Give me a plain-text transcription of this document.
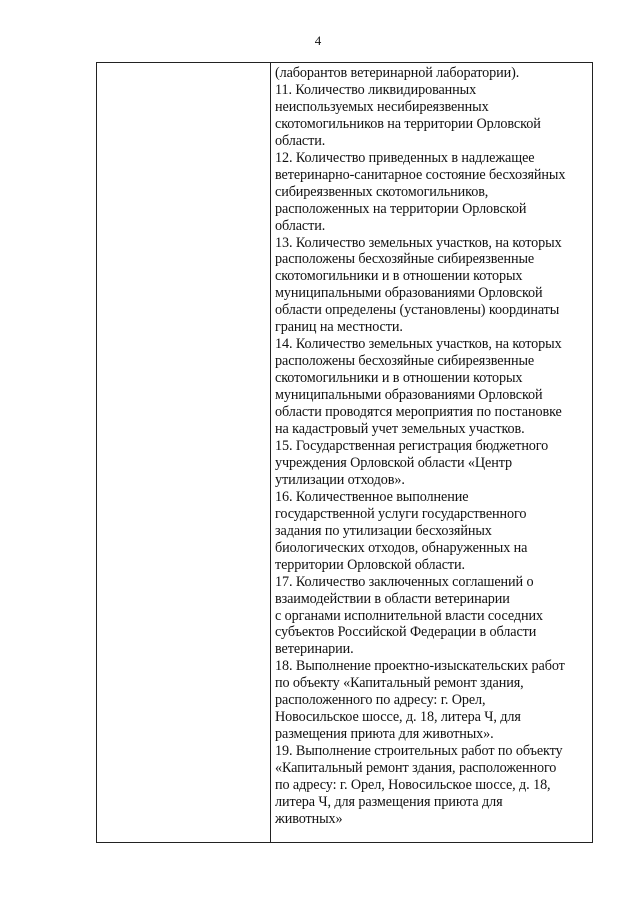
4
(лаборантов ветеринарной лаборатории).
11. Количество ликвидированных
неиспользуемых несибиреязвенных
скотомогильников на территории Орловской
области.
12. Количество приведенных в надлежащее
ветеринарно-санитарное состояние бесхозяйных
сибиреязвенных скотомогильников,
расположенных на территории Орловской
области.
13. Количество земельных участков, на которых
расположены бесхозяйные сибиреязвенные
скотомогильники и в отношении которых
муниципальными образованиями Орловской
области определены (установлены) координаты
границ на местности.
14. Количество земельных участков, на которых
расположены бесхозяйные сибиреязвенные
скотомогильники и в отношении которых
муниципальными образованиями Орловской
области проводятся мероприятия по постановке
на кадастровый учет земельных участков.
15. Государственная регистрация бюджетного
учреждения Орловской области «Центр
утилизации отходов».
16. Количественное выполнение
государственной услуги государственного
задания по утилизации бесхозяйных
биологических отходов, обнаруженных на
территории Орловской области.
17. Количество заключенных соглашений о
взаимодействии в области ветеринарии
с органами исполнительной власти соседних
субъектов Российской Федерации в области
ветеринарии.
18. Выполнение проектно-изыскательских работ
по объекту «Капитальный ремонт здания,
расположенного по адресу: г. Орел,
Новосильское шоссе, д. 18, литера Ч, для
размещения приюта для животных».
19. Выполнение строительных работ по объекту
«Капитальный ремонт здания, расположенного
по адресу: г. Орел, Новосильское шоссе, д. 18,
литера Ч, для размещения приюта для
животных»
